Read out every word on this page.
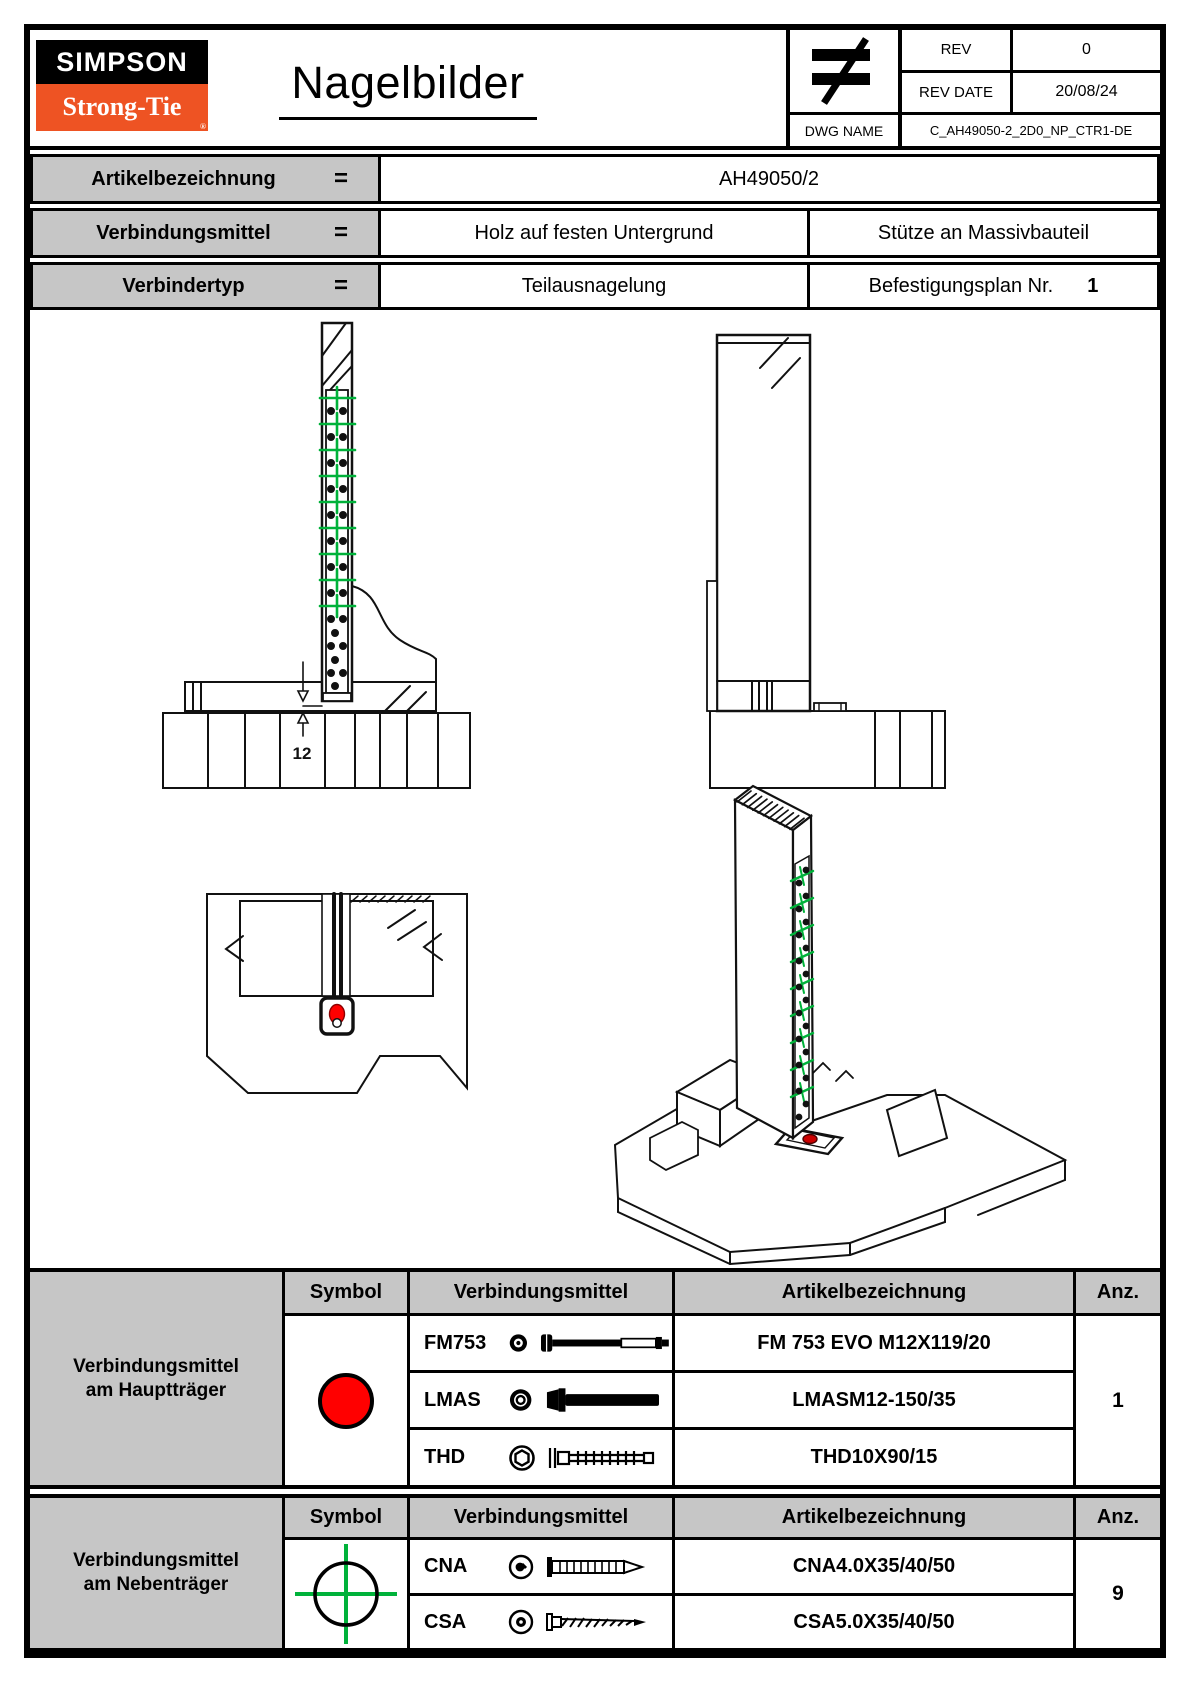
SIMPSON
Strong-Tie
®
Nagelbilder
REV	0
REV DATE	20/08/24
DWG NAME	C_AH49050-2_2D0_NP_CTR1-DE
Artikelbezeichnung	=	AH49050/2
Verbindungsmittel	=	Holz auf festen Untergrund	Stütze an Massivbauteil
Verbindertyp	=	Teilausnagelung	Befestigungsplan Nr. 1
12
Verbindungsmittel
am Hauptträger
Symbol	Verbindungsmittel	Artikelbezeichnung	Anz.
FM753	FM 753 EVO M12X119/20
LMAS	LMASM12-150/35
THD	THD10X90/15
1
Verbindungsmittel
am Nebenträger
Symbol	Verbindungsmittel	Artikelbezeichnung	Anz.
CNA	CNA4.0X35/40/50
CSA	CSA5.0X35/40/50
9
